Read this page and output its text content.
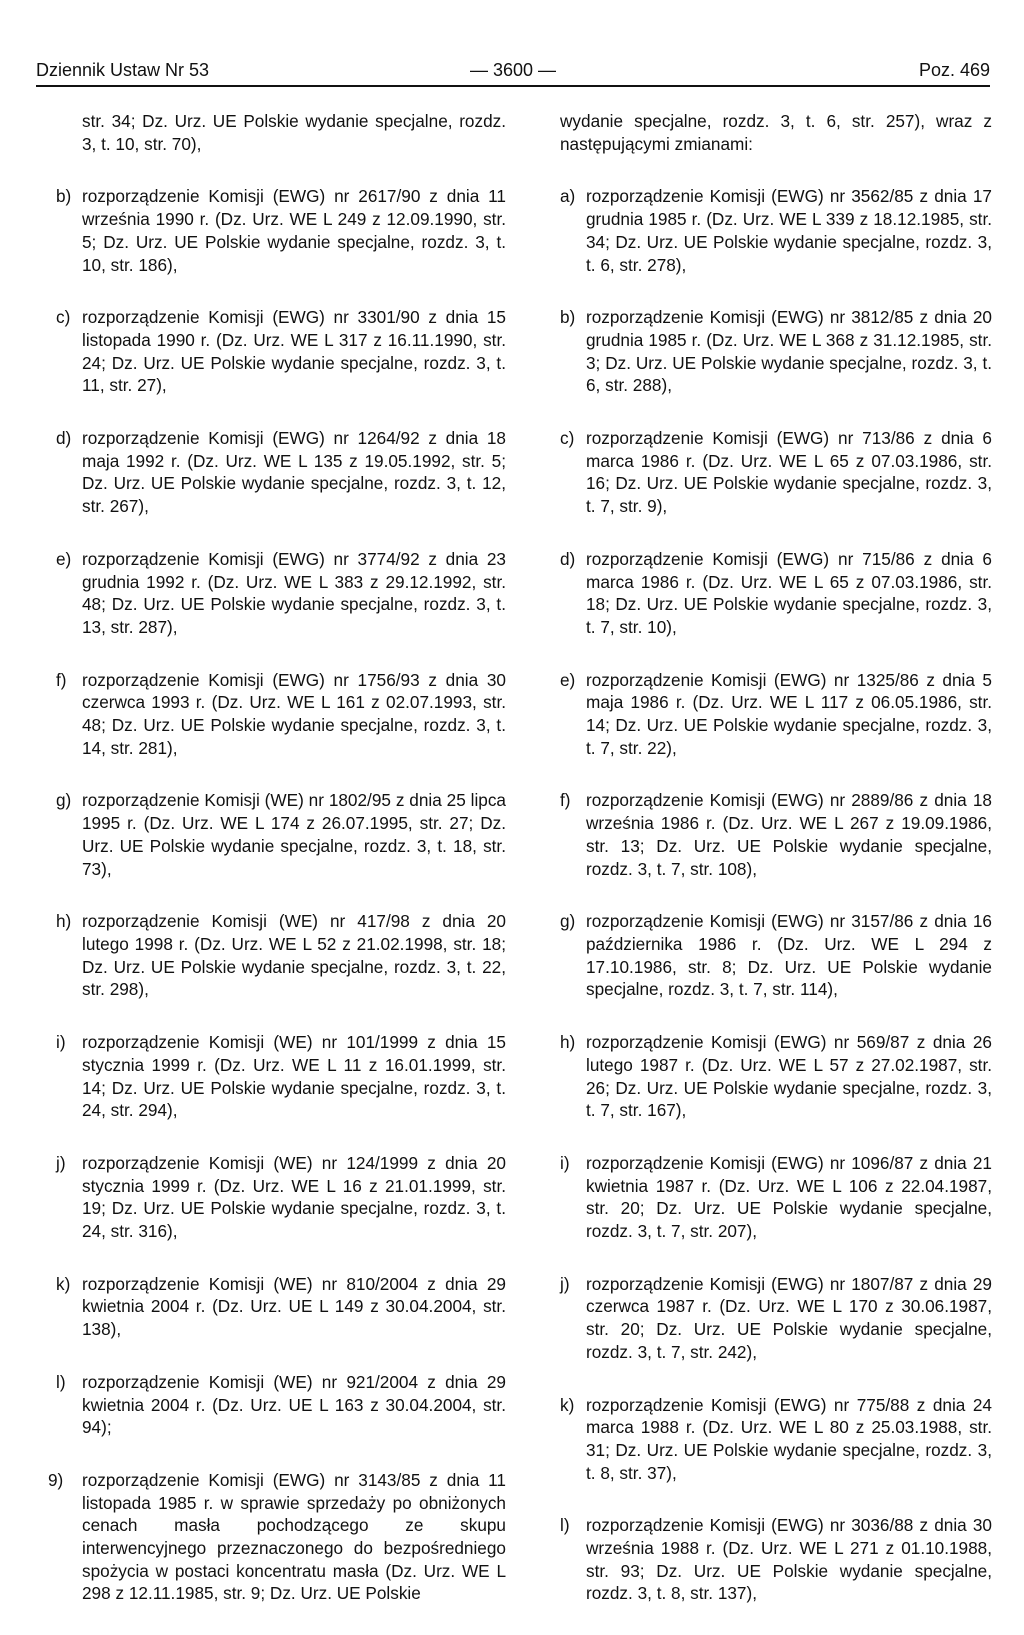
Dziennik Ustaw Nr 53	— 3600 —	Poz. 469
str. 34; Dz. Urz. UE Polskie wydanie specjalne, rozdz. 3, t. 10, str. 70),
b) rozporządzenie Komisji (EWG) nr 2617/90 z dnia 11 września 1990 r. (Dz. Urz. WE L 249 z 12.09.1990, str. 5; Dz. Urz. UE Polskie wydanie specjalne, rozdz. 3, t. 10, str. 186),
c) rozporządzenie Komisji (EWG) nr 3301/90 z dnia 15 listopada 1990 r. (Dz. Urz. WE L 317 z 16.11.1990, str. 24; Dz. Urz. UE Polskie wydanie specjalne, rozdz. 3, t. 11, str. 27),
d) rozporządzenie Komisji (EWG) nr 1264/92 z dnia 18 maja 1992 r. (Dz. Urz. WE L 135 z 19.05.1992, str. 5; Dz. Urz. UE Polskie wydanie specjalne, rozdz. 3, t. 12, str. 267),
e) rozporządzenie Komisji (EWG) nr 3774/92 z dnia 23 grudnia 1992 r. (Dz. Urz. WE L 383 z 29.12.1992, str. 48; Dz. Urz. UE Polskie wydanie specjalne, rozdz. 3, t. 13, str. 287),
f) rozporządzenie Komisji (EWG) nr 1756/93 z dnia 30 czerwca 1993 r. (Dz. Urz. WE L 161 z 02.07.1993, str. 48; Dz. Urz. UE Polskie wydanie specjalne, rozdz. 3, t. 14, str. 281),
g) rozporządzenie Komisji (WE) nr 1802/95 z dnia 25 lipca 1995 r. (Dz. Urz. WE L 174 z 26.07.1995, str. 27; Dz. Urz. UE Polskie wydanie specjalne, rozdz. 3, t. 18, str. 73),
h) rozporządzenie Komisji (WE) nr 417/98 z dnia 20 lutego 1998 r. (Dz. Urz. WE L 52 z 21.02.1998, str. 18; Dz. Urz. UE Polskie wydanie specjalne, rozdz. 3, t. 22, str. 298),
i) rozporządzenie Komisji (WE) nr 101/1999 z dnia 15 stycznia 1999 r. (Dz. Urz. WE L 11 z 16.01.1999, str. 14; Dz. Urz. UE Polskie wydanie specjalne, rozdz. 3, t. 24, str. 294),
j) rozporządzenie Komisji (WE) nr 124/1999 z dnia 20 stycznia 1999 r. (Dz. Urz. WE L 16 z 21.01.1999, str. 19; Dz. Urz. UE Polskie wydanie specjalne, rozdz. 3, t. 24, str. 316),
k) rozporządzenie Komisji (WE) nr 810/2004 z dnia 29 kwietnia 2004 r. (Dz. Urz. UE L 149 z 30.04.2004, str. 138),
l) rozporządzenie Komisji (WE) nr 921/2004 z dnia 29 kwietnia 2004 r. (Dz. Urz. UE L 163 z 30.04.2004, str. 94);
9)	rozporządzenie Komisji (EWG) nr 3143/85 z dnia 11 listopada 1985 r. w sprawie sprzedaży po obniżonych cenach masła pochodzącego ze skupu interwencyjnego przeznaczonego do bezpośredniego spożycia w postaci koncentratu masła (Dz. Urz. WE L 298 z 12.11.1985, str. 9; Dz. Urz. UE Polskie
wydanie specjalne, rozdz. 3, t. 6, str. 257), wraz z następującymi zmianami:
a) rozporządzenie Komisji (EWG) nr 3562/85 z dnia 17 grudnia 1985 r. (Dz. Urz. WE L 339 z 18.12.1985, str. 34; Dz. Urz. UE Polskie wydanie specjalne, rozdz. 3, t. 6, str. 278),
b) rozporządzenie Komisji (EWG) nr 3812/85 z dnia 20 grudnia 1985 r. (Dz. Urz. WE L 368 z 31.12.1985, str. 3; Dz. Urz. UE Polskie wydanie specjalne, rozdz. 3, t. 6, str. 288),
c) rozporządzenie Komisji (EWG) nr 713/86 z dnia 6 marca 1986 r. (Dz. Urz. WE L 65 z 07.03.1986, str. 16; Dz. Urz. UE Polskie wydanie specjalne, rozdz. 3, t. 7, str. 9),
d) rozporządzenie Komisji (EWG) nr 715/86 z dnia 6 marca 1986 r. (Dz. Urz. WE L 65 z 07.03.1986, str. 18; Dz. Urz. UE Polskie wydanie specjalne, rozdz. 3, t. 7, str. 10),
e) rozporządzenie Komisji (EWG) nr 1325/86 z dnia 5 maja 1986 r. (Dz. Urz. WE L 117 z 06.05.1986, str. 14; Dz. Urz. UE Polskie wydanie specjalne, rozdz. 3, t. 7, str. 22),
f) rozporządzenie Komisji (EWG) nr 2889/86 z dnia 18 września 1986 r. (Dz. Urz. WE L 267 z 19.09.1986, str. 13; Dz. Urz. UE Polskie wydanie specjalne, rozdz. 3, t. 7, str. 108),
g) rozporządzenie Komisji (EWG) nr 3157/86 z dnia 16 października 1986 r. (Dz. Urz. WE L 294 z 17.10.1986, str. 8; Dz. Urz. UE Polskie wydanie specjalne, rozdz. 3, t. 7, str. 114),
h) rozporządzenie Komisji (EWG) nr 569/87 z dnia 26 lutego 1987 r. (Dz. Urz. WE L 57 z 27.02.1987, str. 26; Dz. Urz. UE Polskie wydanie specjalne, rozdz. 3, t. 7, str. 167),
i) rozporządzenie Komisji (EWG) nr 1096/87 z dnia 21 kwietnia 1987 r. (Dz. Urz. WE L 106 z 22.04.1987, str. 20; Dz. Urz. UE Polskie wydanie specjalne, rozdz. 3, t. 7, str. 207),
j) rozporządzenie Komisji (EWG) nr 1807/87 z dnia 29 czerwca 1987 r. (Dz. Urz. WE L 170 z 30.06.1987, str. 20; Dz. Urz. UE Polskie wydanie specjalne, rozdz. 3, t. 7, str. 242),
k) rozporządzenie Komisji (EWG) nr 775/88 z dnia 24 marca 1988 r. (Dz. Urz. WE L 80 z 25.03.1988, str. 31; Dz. Urz. UE Polskie wydanie specjalne, rozdz. 3, t. 8, str. 37),
l) rozporządzenie Komisji (EWG) nr 3036/88 z dnia 30 września 1988 r. (Dz. Urz. WE L 271 z 01.10.1988, str. 93; Dz. Urz. UE Polskie wydanie specjalne, rozdz. 3, t. 8, str. 137),
